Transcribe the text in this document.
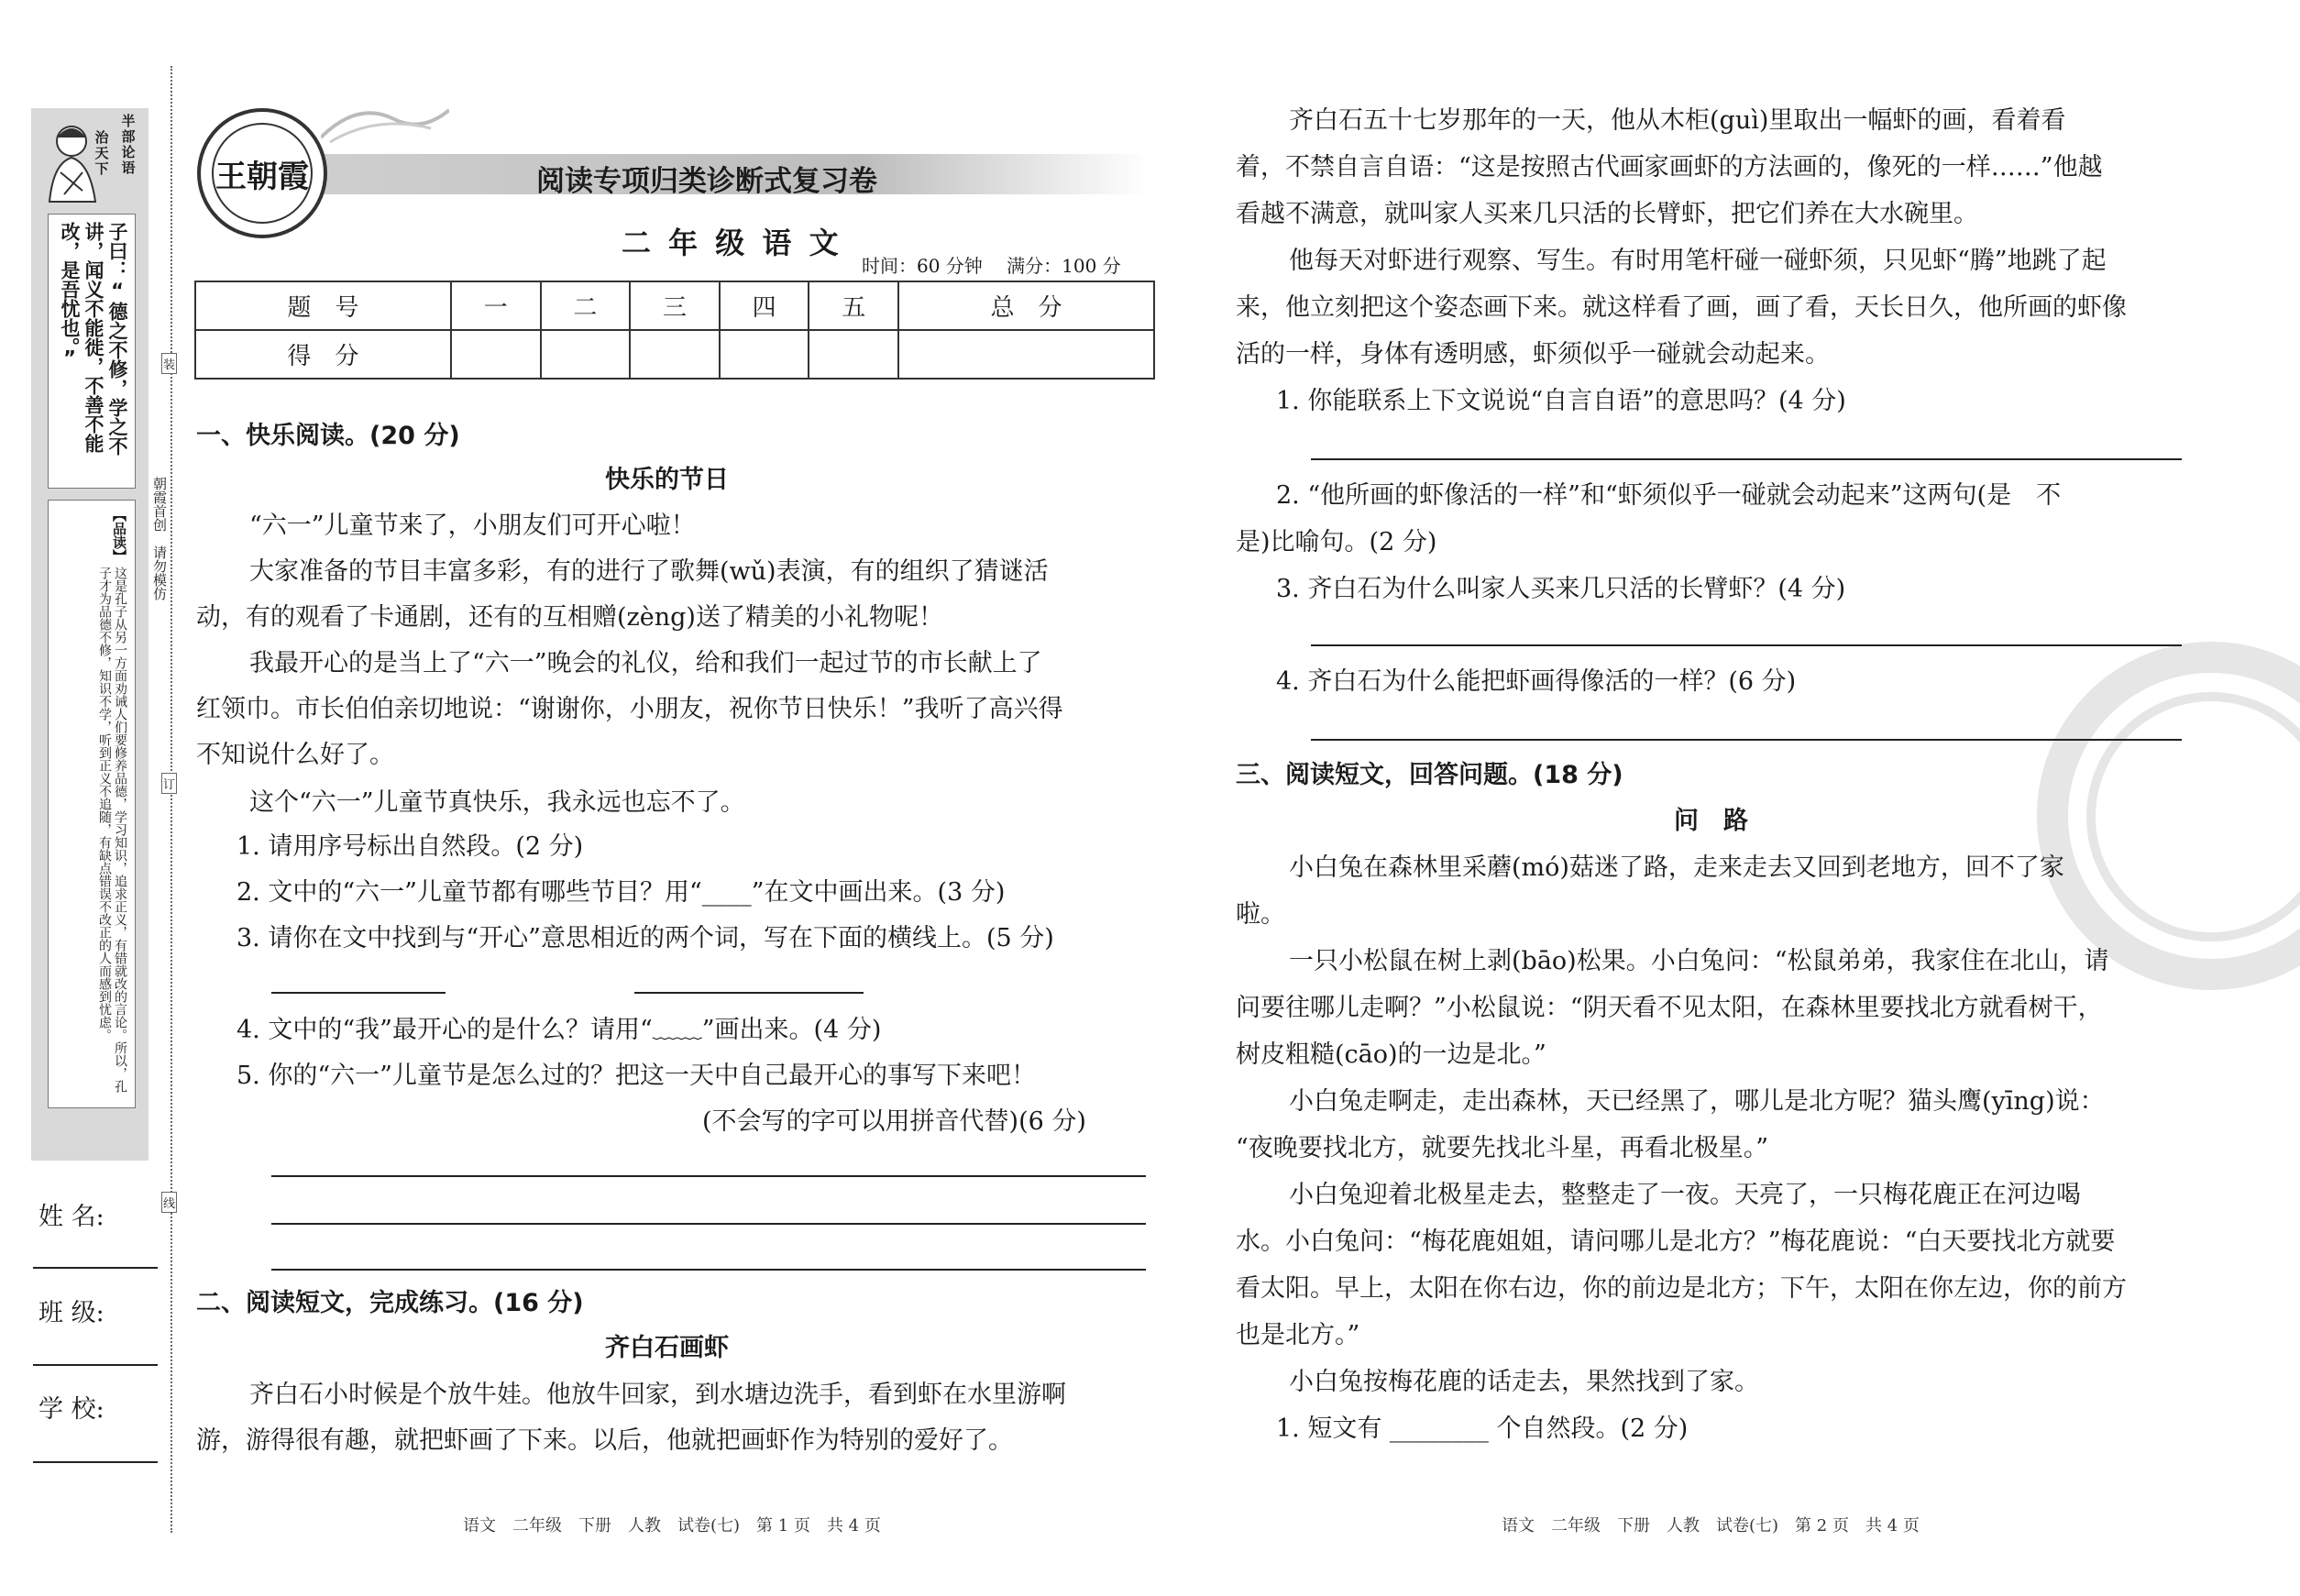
半
部
论
语
治
天
下
子曰：“德之不修，学之不讲，闻义不能徙，不善不能改，是吾忧也。”
【品读】
这是孔子从另一方面劝诫人们要修养品德，学习知识，追求正义，有错就改的言论。所以，孔子才为品德不修，知识不学，听到正义不追随，有缺点错误不改正的人而感到忧虑。
姓 名:
班 级:
学 校:
朝霞首创　请勿模仿
装
订
线
王朝霞	阅读专项归类诊断式复习卷
二 年 级 语 文
时间：60 分钟　 满分：100 分
题　号	一	二	三	四	五	总　分
得　分						
一、快乐阅读。(20 分)
快乐的节日
“六一”儿童节来了，小朋友们可开心啦！
大家准备的节目丰富多彩，有的进行了歌舞(wǔ)表演，有的组织了猜谜活
动，有的观看了卡通剧，还有的互相赠(zèng)送了精美的小礼物呢！
我最开心的是当上了“六一”晚会的礼仪，给和我们一起过节的市长献上了
红领巾。市长伯伯亲切地说：“谢谢你，小朋友，祝你节日快乐！”我听了高兴得
不知说什么好了。
这个“六一”儿童节真快乐，我永远也忘不了。
1. 请用序号标出自然段。(2 分)
2. 文中的“六一”儿童节都有哪些节目？用“____”在文中画出来。(3 分)
3. 请你在文中找到与“开心”意思相近的两个词，写在下面的横线上。(5 分)
4. 文中的“我”最开心的是什么？请用“﹏﹏”画出来。(4 分)
5. 你的“六一”儿童节是怎么过的？把这一天中自己最开心的事写下来吧！
(不会写的字可以用拼音代替)(6 分)
二、阅读短文，完成练习。(16 分)
齐白石画虾
齐白石小时候是个放牛娃。他放牛回家，到水塘边洗手，看到虾在水里游啊
游，游得很有趣，就把虾画了下来。以后，他就把画虾作为特别的爱好了。
语文　二年级　下册　人教　试卷(七)　第 1 页　共 4 页
齐白石五十七岁那年的一天，他从木柜(guì)里取出一幅虾的画，看着看
着，不禁自言自语：“这是按照古代画家画虾的方法画的，像死的一样……”他越
看越不满意，就叫家人买来几只活的长臂虾，把它们养在大水碗里。
他每天对虾进行观察、写生。有时用笔杆碰一碰虾须，只见虾“腾”地跳了起
来，他立刻把这个姿态画下来。就这样看了画，画了看，天长日久，他所画的虾像
活的一样，身体有透明感，虾须似乎一碰就会动起来。
1. 你能联系上下文说说“自言自语”的意思吗？(4 分)
2. “他所画的虾像活的一样”和“虾须似乎一碰就会动起来”这两句(是　不
是)比喻句。(2 分)
3. 齐白石为什么叫家人买来几只活的长臂虾？(4 分)
4. 齐白石为什么能把虾画得像活的一样？(6 分)
三、阅读短文，回答问题。(18 分)
问　路
小白兔在森林里采蘑(mó)菇迷了路，走来走去又回到老地方，回不了家
啦。
一只小松鼠在树上剥(bāo)松果。小白兔问：“松鼠弟弟，我家住在北山，请
问要往哪儿走啊？”小松鼠说：“阴天看不见太阳，在森林里要找北方就看树干，
树皮粗糙(cāo)的一边是北。”
小白兔走啊走，走出森林，天已经黑了，哪儿是北方呢？猫头鹰(yīng)说：
“夜晚要找北方，就要先找北斗星，再看北极星。”
小白兔迎着北极星走去，整整走了一夜。天亮了，一只梅花鹿正在河边喝
水。小白兔问：“梅花鹿姐姐，请问哪儿是北方？”梅花鹿说：“白天要找北方就要
看太阳。早上，太阳在你右边，你的前边是北方；下午，太阳在你左边，你的前方
也是北方。”
小白兔按梅花鹿的话走去，果然找到了家。
1. 短文有 ________ 个自然段。(2 分)
语文　二年级　下册　人教　试卷(七)　第 2 页　共 4 页
